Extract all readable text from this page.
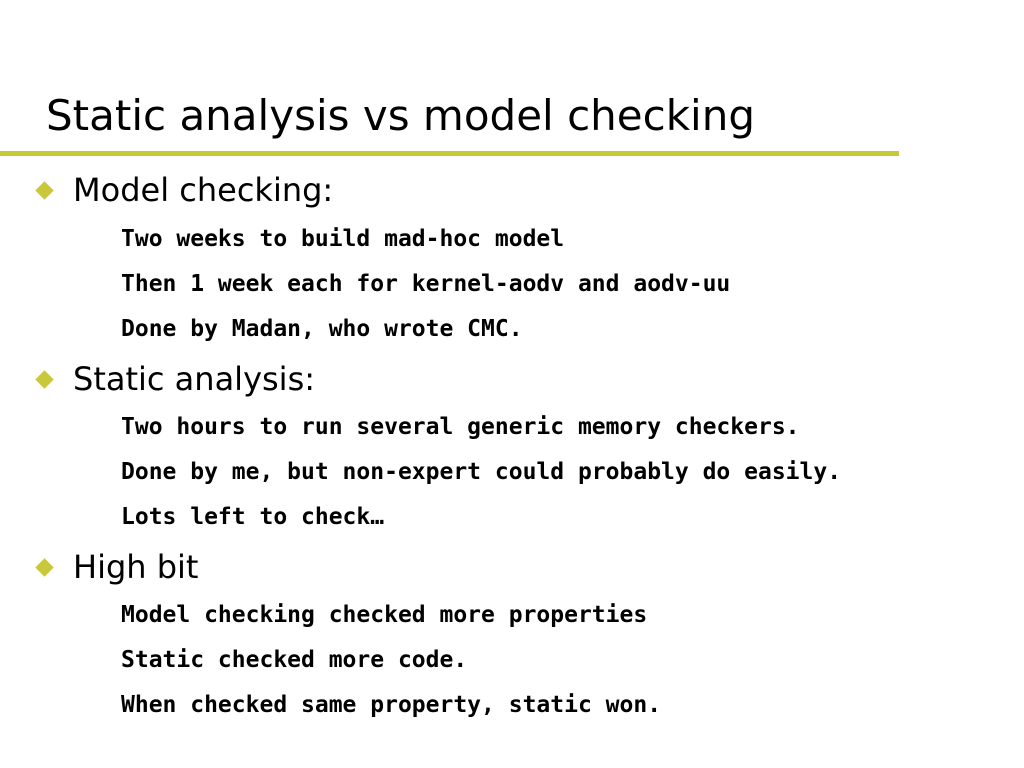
Static analysis vs model checking
Model checking:
Two weeks to build mad-hoc model
Then 1 week each for kernel-aodv and aodv-uu
Done by Madan, who wrote CMC.
Static analysis:
Two hours to run several generic memory checkers.
Done by me, but non-expert could probably do easily.
Lots left to check…
High bit
Model checking checked more properties
Static checked more code.
When checked same property, static won.
